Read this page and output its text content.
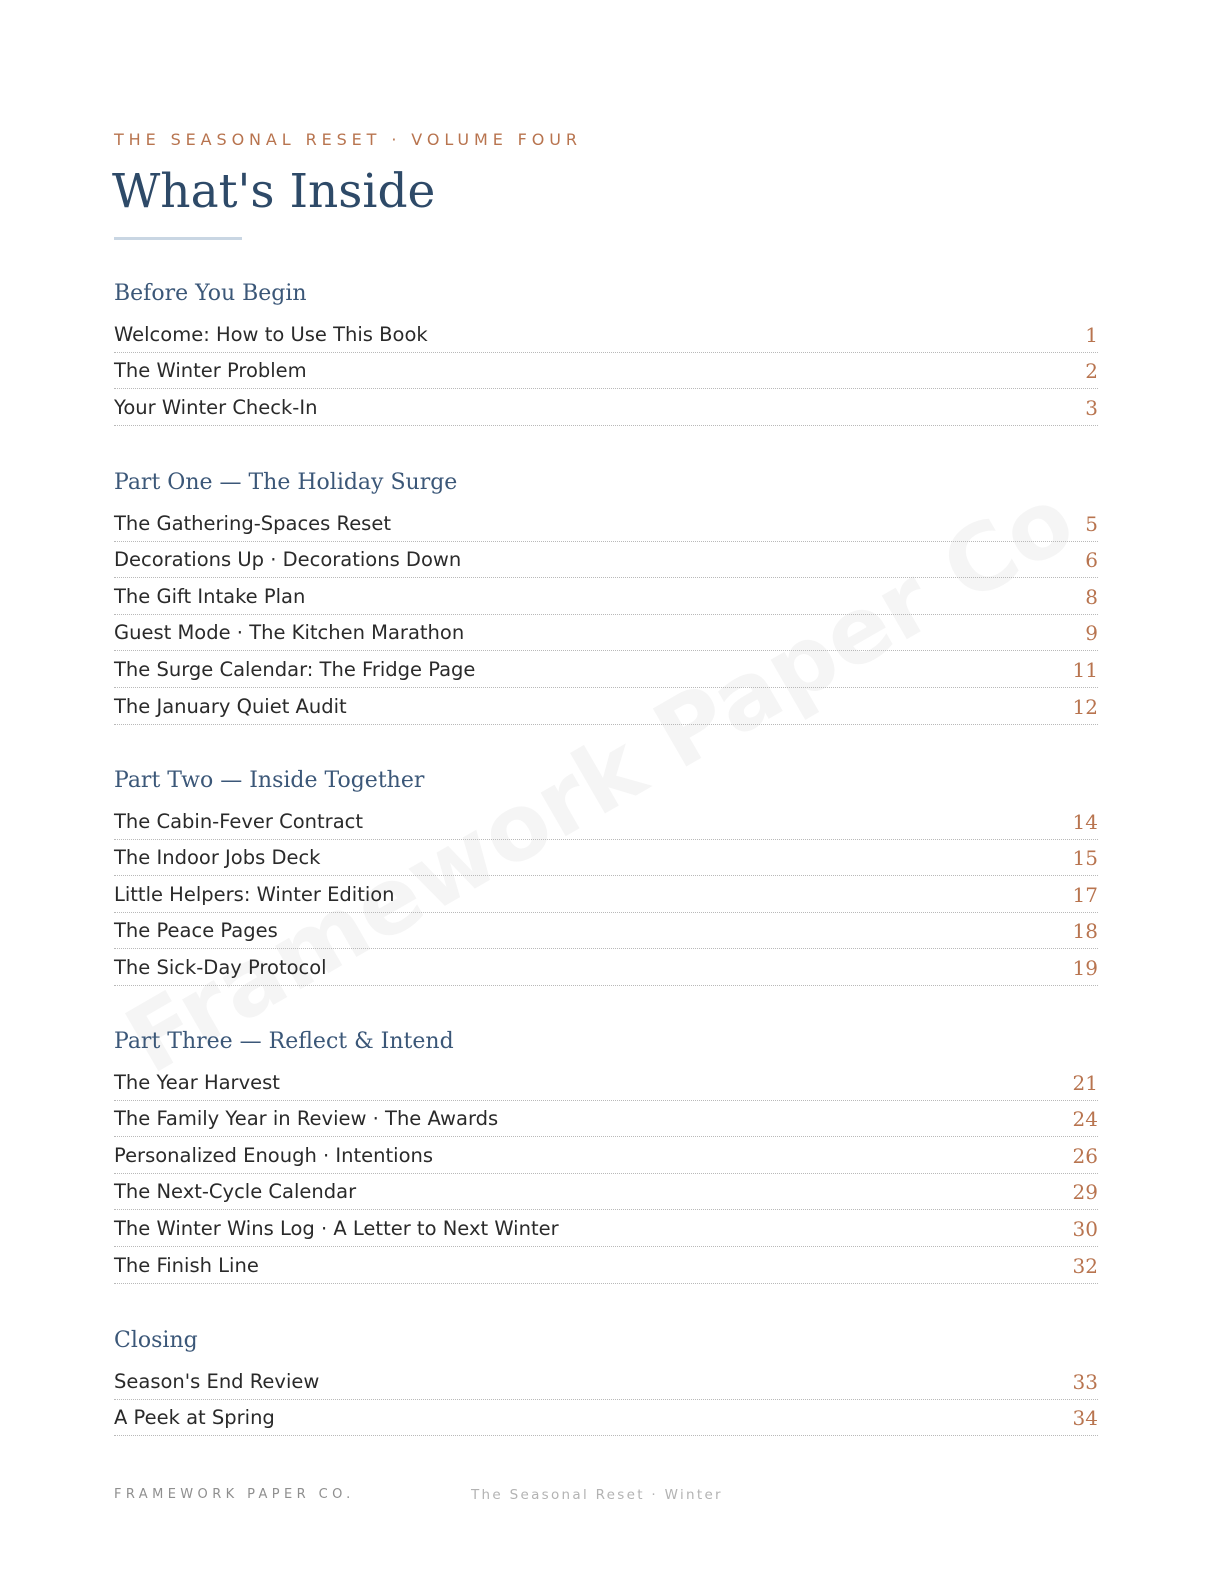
THE SEASONAL RESET · VOLUME FOUR
What's Inside
Before You Begin
Welcome: How to Use This Book	1
The Winter Problem	2
Your Winter Check-In	3
Part One — The Holiday Surge
The Gathering-Spaces Reset	5
Decorations Up · Decorations Down	6
The Gift Intake Plan	8
Guest Mode · The Kitchen Marathon	9
The Surge Calendar: The Fridge Page	11
The January Quiet Audit	12
Part Two — Inside Together
The Cabin-Fever Contract	14
The Indoor Jobs Deck	15
Little Helpers: Winter Edition	17
The Peace Pages	18
The Sick-Day Protocol	19
Part Three — Reflect & Intend
The Year Harvest	21
The Family Year in Review · The Awards	24
Personalized Enough · Intentions	26
The Next-Cycle Calendar	29
The Winter Wins Log · A Letter to Next Winter	30
The Finish Line	32
Closing
Season's End Review	33
A Peek at Spring	34
FRAMEWORK PAPER CO.	The Seasonal Reset · Winter
